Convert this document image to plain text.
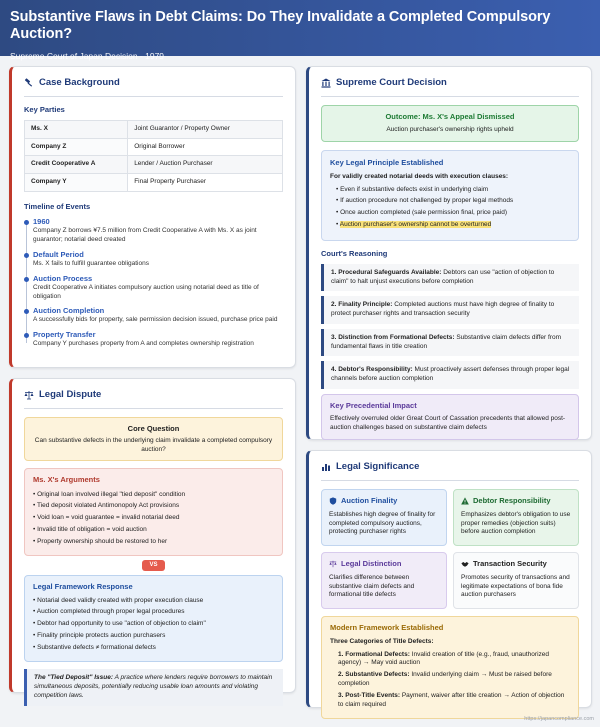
Substantive Flaws in Debt Claims: Do They Invalidate a Completed Compulsory Auction?
Supreme Court of Japan Decision - 1979
Case Background
Key Parties
Ms. X	Joint Guarantor / Property Owner
Company Z	Original Borrower
Credit Cooperative A	Lender / Auction Purchaser
Company Y	Final Property Purchaser
Timeline of Events
1960
Company Z borrows ¥7.5 million from Credit Cooperative A with Ms. X as joint guarantor; notarial deed created
Default Period
Ms. X fails to fulfill guarantee obligations
Auction Process
Credit Cooperative A initiates compulsory auction using notarial deed as title of obligation
Auction Completion
A successfully bids for property, sale permission decision issued, purchase price paid
Property Transfer
Company Y purchases property from A and completes ownership registration
Legal Dispute
Core Question
Can substantive defects in the underlying claim invalidate a completed compulsory auction?
Ms. X's Arguments
• Original loan involved illegal "tied deposit" condition
• Tied deposit violated Antimonopoly Act provisions
• Void loan = void guarantee = invalid notarial deed
• Invalid title of obligation = void auction
• Property ownership should be restored to her
VS
Legal Framework Response
• Notarial deed validly created with proper execution clause
• Auction completed through proper legal procedures
• Debtor had opportunity to use "action of objection to claim"
• Finality principle protects auction purchasers
• Substantive defects ≠ formational defects
The "Tied Deposit" Issue: A practice where lenders require borrowers to maintain simultaneous deposits, potentially reducing usable loan amounts and violating competition laws.
Supreme Court Decision
Outcome: Ms. X's Appeal Dismissed
Auction purchaser's ownership rights upheld
Key Legal Principle Established
For validly created notarial deeds with execution clauses:
• Even if substantive defects exist in underlying claim
• If auction procedure not challenged by proper legal methods
• Once auction completed (sale permission final, price paid)
• Auction purchaser's ownership cannot be overturned
Court's Reasoning
1. Procedural Safeguards Available: Debtors can use "action of objection to claim" to halt unjust executions before completion
2. Finality Principle: Completed auctions must have high degree of finality to protect purchaser rights and transaction security
3. Distinction from Formational Defects: Substantive claim defects differ from fundamental flaws in title creation
4. Debtor's Responsibility: Must proactively assert defenses through proper legal channels before auction completion
Key Precedential Impact
Effectively overruled older Great Court of Cassation precedents that allowed post-auction challenges based on substantive claim defects
Legal Significance
Auction Finality
Establishes high degree of finality for completed compulsory auctions, protecting purchaser rights
Debtor Responsibility
Emphasizes debtor's obligation to use proper remedies (objection suits) before auction completion
Legal Distinction
Clarifies difference between substantive claim defects and formational title defects
Transaction Security
Promotes security of transactions and legitimate expectations of bona fide auction purchasers
Modern Framework Established
Three Categories of Title Defects:
1. Formational Defects: Invalid creation of title (e.g., fraud, unauthorized agency) → May void auction
2. Substantive Defects: Invalid underlying claim → Must be raised before completion
3. Post-Title Events: Payment, waiver after title creation → Action of objection to claim required
https://japancompliance.com
